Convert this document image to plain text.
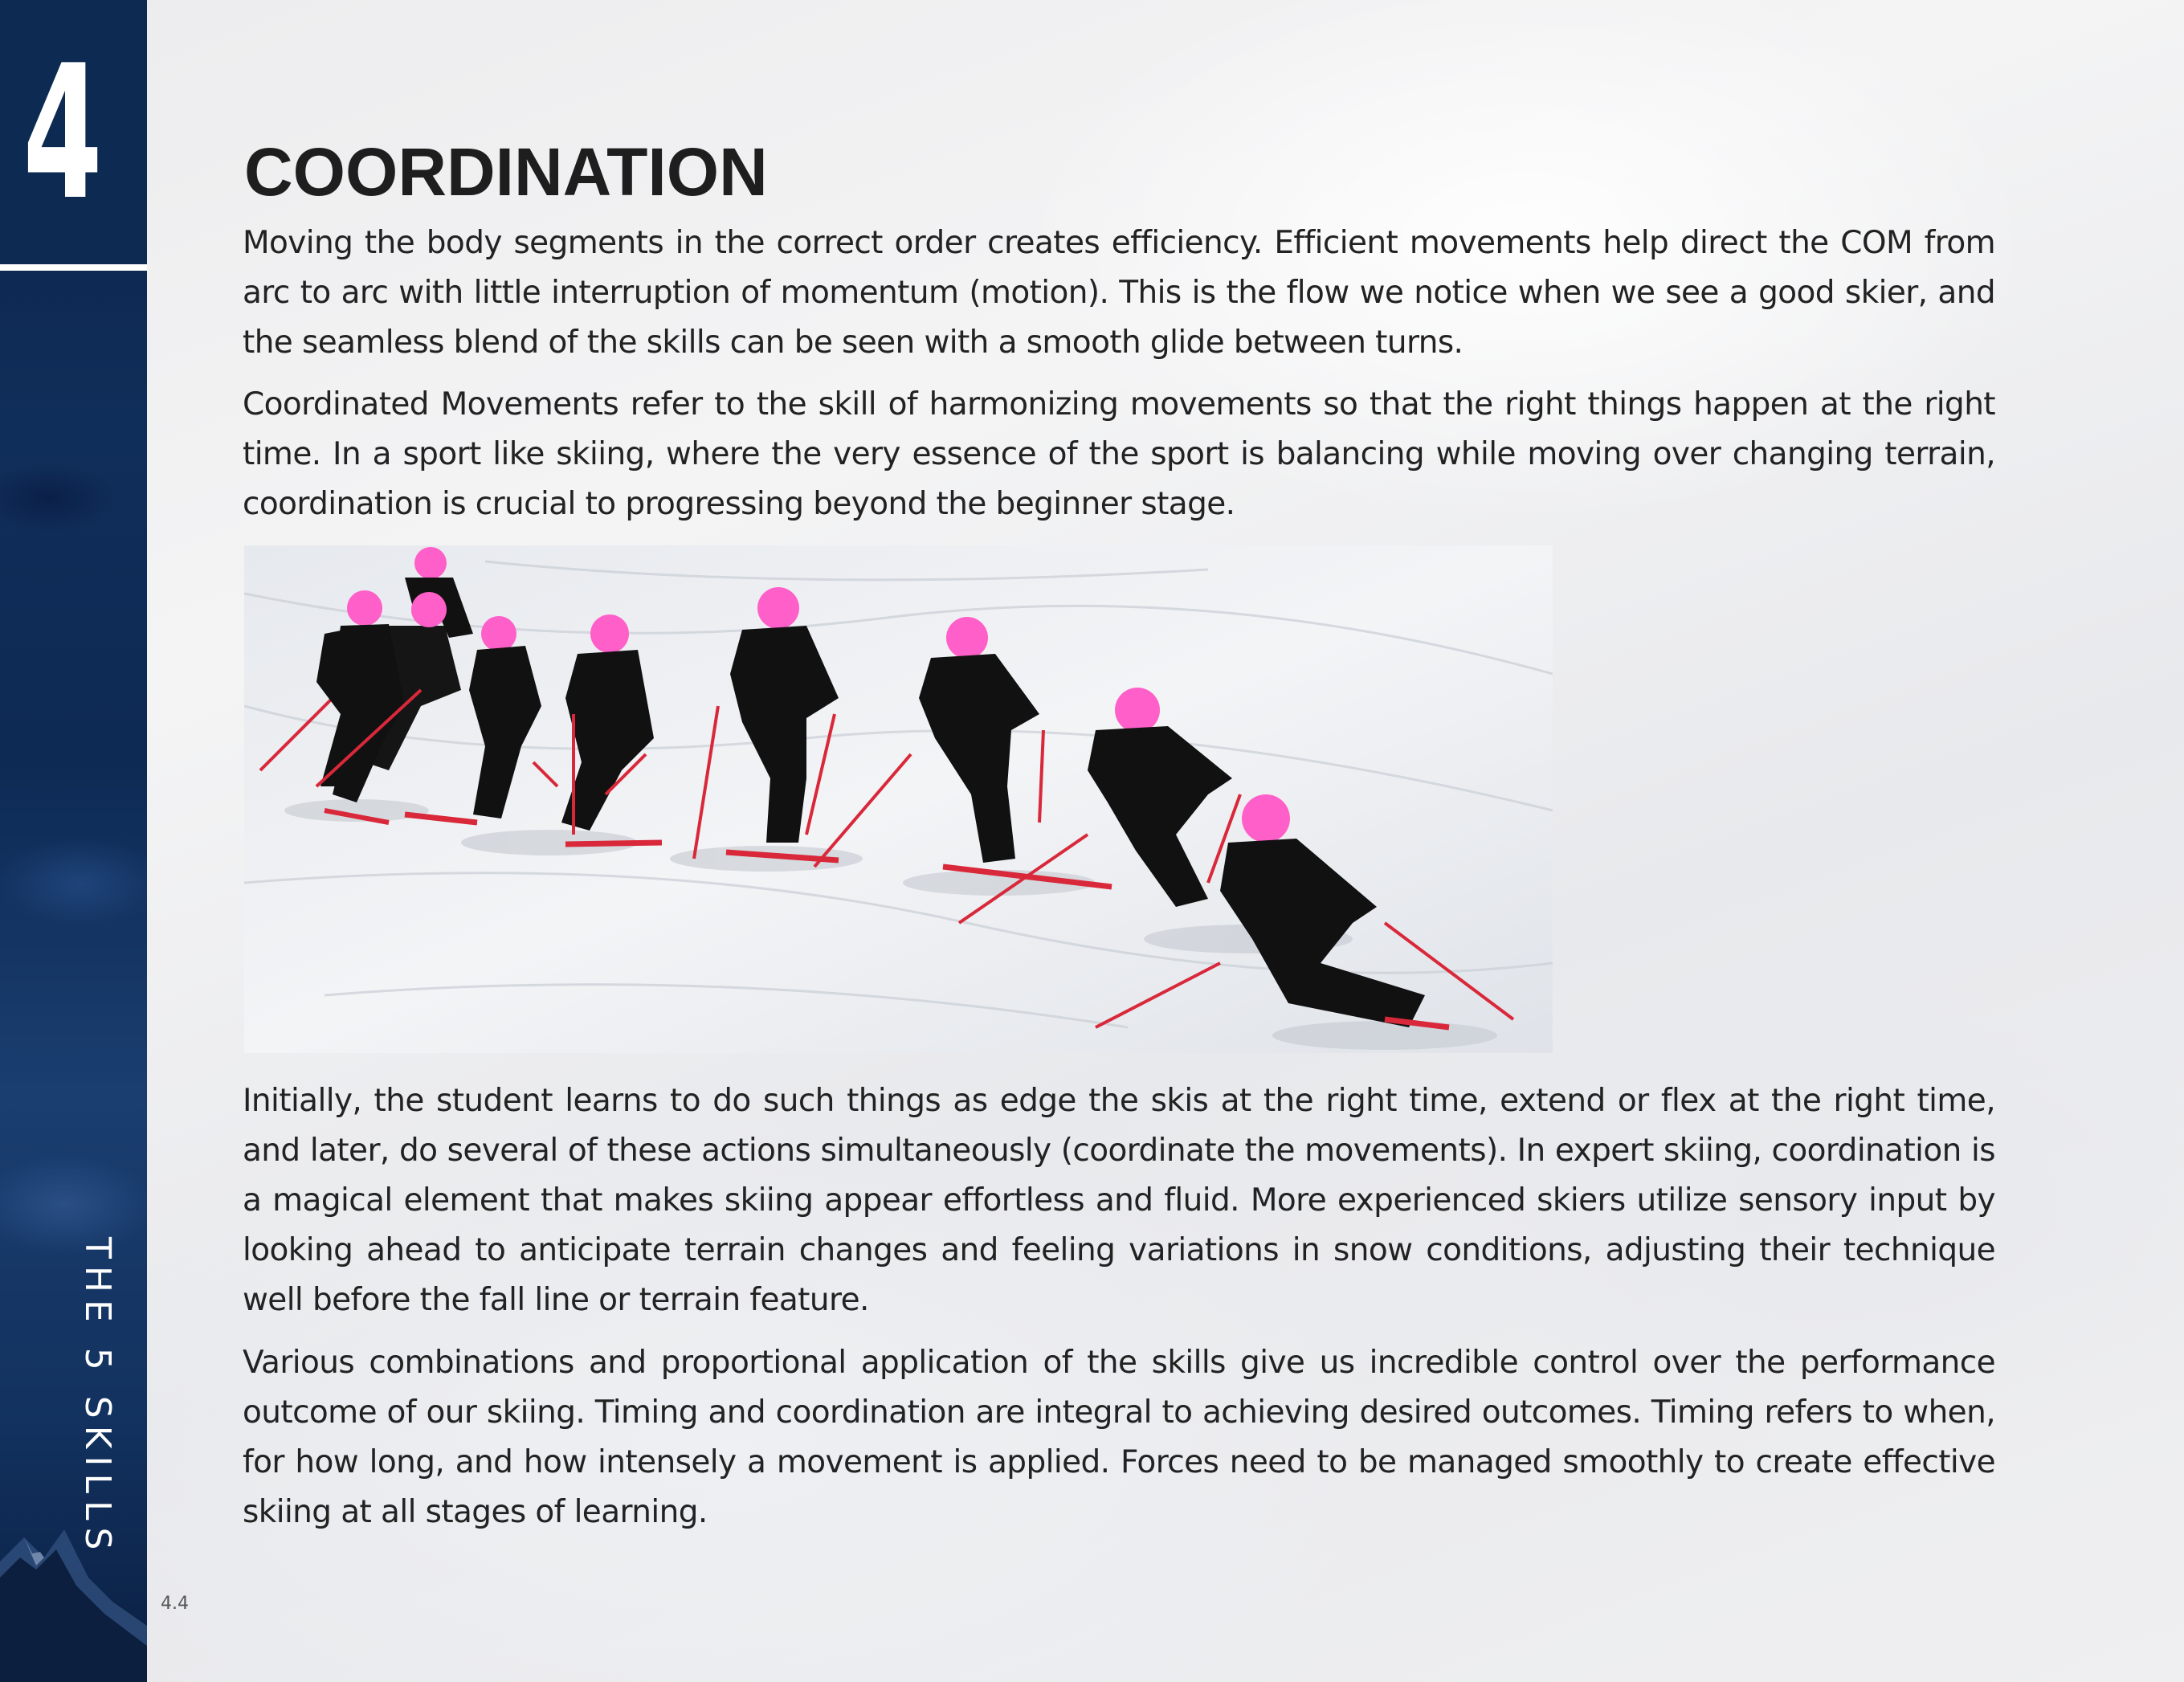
4
THE 5 SKILLS
4.4
COORDINATION

Moving the body segments in the correct order creates efficiency. Efficient movements help direct the COM from arc to arc with little interruption of momentum (motion). This is the flow we notice when we see a good skier, and the seamless blend of the skills can be seen with a smooth glide between turns.

Coordinated Movements refer to the skill of harmonizing movements so that the right things happen at the right time. In a sport like skiing, where the very essence of the sport is balancing while moving over changing terrain, coordination is crucial to progressing beyond the beginner stage.

Initially, the student learns to do such things as edge the skis at the right time, extend or flex at the right time, and later, do several of these actions simultaneously (coordinate the movements). In expert skiing, coordination is a magical element that makes skiing appear effortless and fluid. More experienced skiers utilize sensory input by looking ahead to anticipate terrain changes and feeling variations in snow conditions, adjusting their technique well before the fall line or terrain feature.

Various combinations and proportional application of the skills give us incredible control over the performance outcome of our skiing. Timing and coordination are integral to achieving desired outcomes. Timing refers to when, for how long, and how intensely a movement is applied. Forces need to be managed smoothly to create effective skiing at all stages of learning.
